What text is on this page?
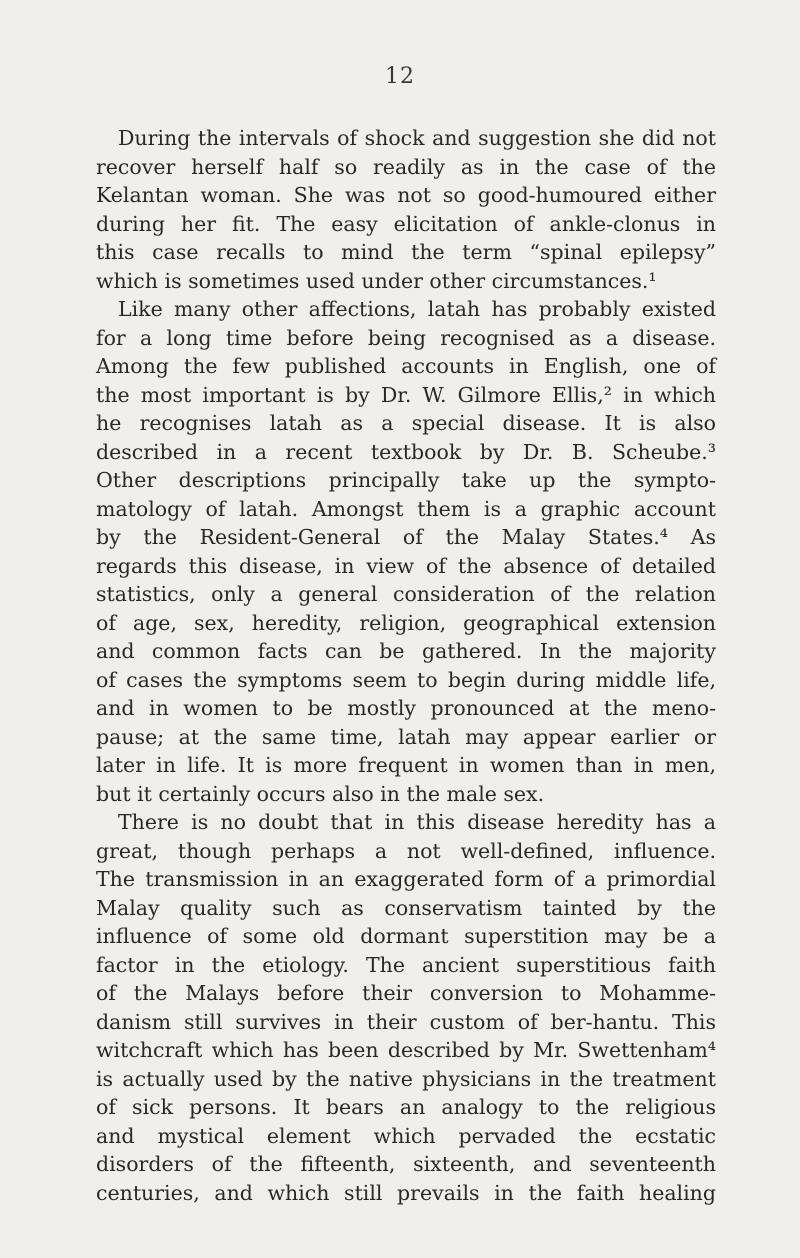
12
During the intervals of shock and suggestion she did not
recover herself half so readily as in the case of the
Kelantan woman. She was not so good-humoured either
during her fit. The easy elicitation of ankle-clonus in
this case recalls to mind the term “spinal epilepsy”
which is sometimes used under other circumstances.¹
Like many other affections, latah has probably existed
for a long time before being recognised as a disease.
Among the few published accounts in English, one of
the most important is by Dr. W. Gilmore Ellis,² in which
he recognises latah as a special disease. It is also
described in a recent textbook by Dr. B. Scheube.³
Other descriptions principally take up the sympto-
matology of latah. Amongst them is a graphic account
by the Resident-General of the Malay States.⁴ As
regards this disease, in view of the absence of detailed
statistics, only a general consideration of the relation
of age, sex, heredity, religion, geographical extension
and common facts can be gathered. In the majority
of cases the symptoms seem to begin during middle life,
and in women to be mostly pronounced at the meno-
pause; at the same time, latah may appear earlier or
later in life. It is more frequent in women than in men,
but it certainly occurs also in the male sex.
There is no doubt that in this disease heredity has a
great, though perhaps a not well-defined, influence.
The transmission in an exaggerated form of a primordial
Malay quality such as conservatism tainted by the
influence of some old dormant superstition may be a
factor in the etiology. The ancient superstitious faith
of the Malays before their conversion to Mohamme-
danism still survives in their custom of ber-hantu. This
witchcraft which has been described by Mr. Swettenham⁴
is actually used by the native physicians in the treatment
of sick persons. It bears an analogy to the religious
and mystical element which pervaded the ecstatic
disorders of the fifteenth, sixteenth, and seventeenth
centuries, and which still prevails in the faith healing
